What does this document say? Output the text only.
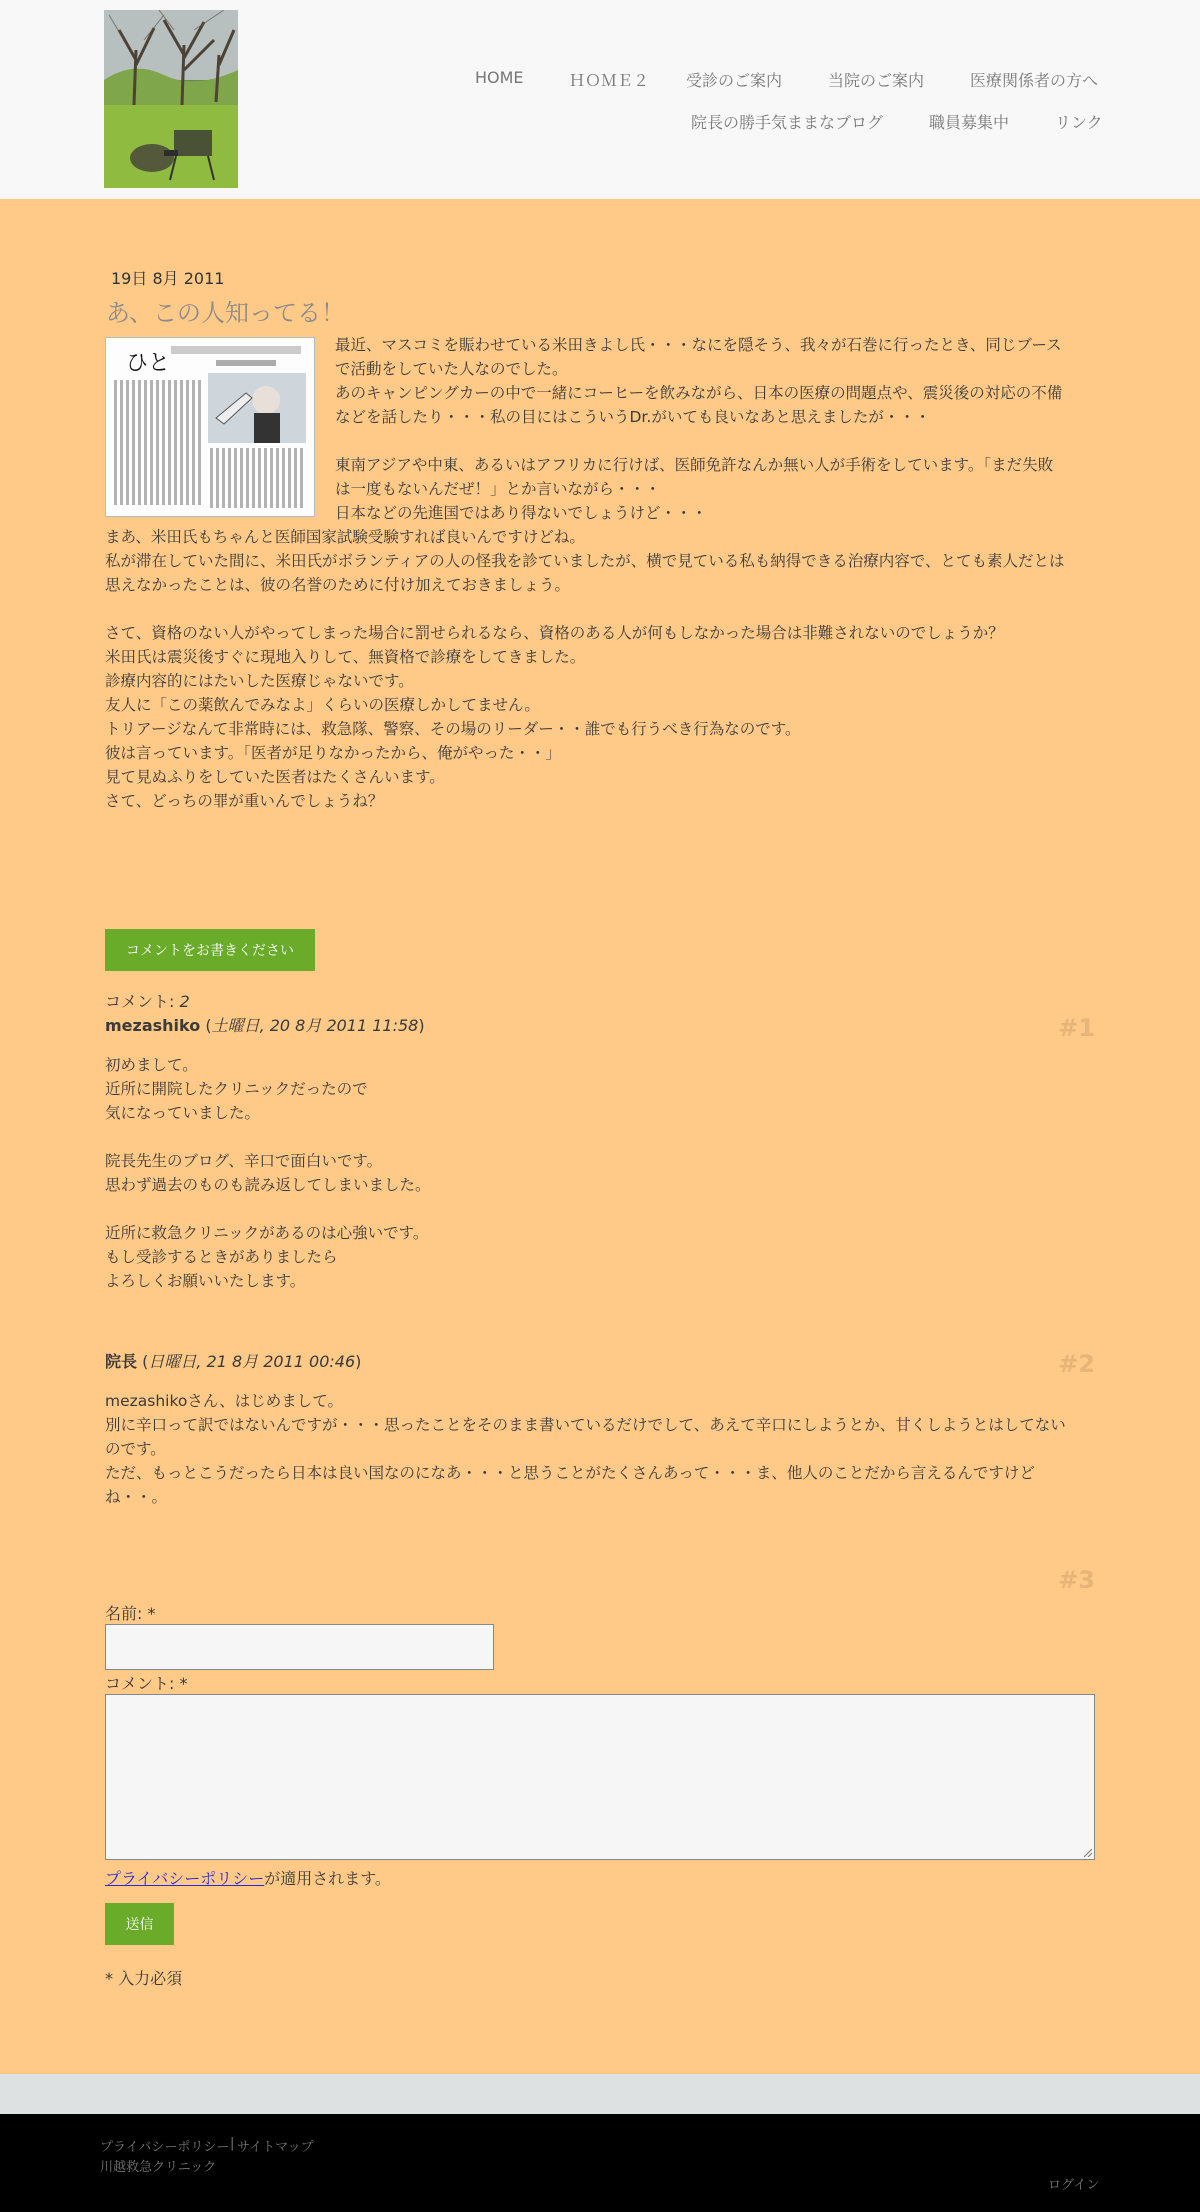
HOME	ＨＯＭＥ２ 受診のご案内	当院のご案内	医療関係者の方へ
院長の勝手気ままなブログ	職員募集中	リンク
19日 8月 2011
あ、この人知ってる！
ひと
最近、マスコミを賑わせている米田きよし氏・・・なにを隠そう、我々が石巻に行ったとき、同じブース
で活動をしていた人なのでした。
あのキャンピングカーの中で一緒にコーヒーを飲みながら、日本の医療の問題点や、震災後の対応の不備
などを話したり・・・私の目にはこういうDr.がいても良いなあと思えましたが・・・
東南アジアや中東、あるいはアフリカに行けば、医師免許なんか無い人が手術をしています。「まだ失敗
は一度もないんだぜ！」とか言いながら・・・
日本などの先進国ではあり得ないでしょうけど・・・
まあ、米田氏もちゃんと医師国家試験受験すれば良いんですけどね。
私が滞在していた間に、米田氏がボランティアの人の怪我を診ていましたが、横で見ている私も納得できる治療内容で、とても素人だとは
思えなかったことは、彼の名誉のために付け加えておきましょう。
さて、資格のない人がやってしまった場合に罰せられるなら、資格のある人が何もしなかった場合は非難されないのでしょうか？
米田氏は震災後すぐに現地入りして、無資格で診療をしてきました。
診療内容的にはたいした医療じゃないです。
友人に「この薬飲んでみなよ」くらいの医療しかしてません。
トリアージなんて非常時には、救急隊、警察、その場のリーダー・・誰でも行うべき行為なのです。
彼は言っています。「医者が足りなかったから、俺がやった・・」
見て見ぬふりをしていた医者はたくさんいます。
さて、どっちの罪が重いんでしょうね？
コメントをお書きください
コメント: 2
mezashiko (土曜日, 20 8月 2011 11:58)	#1
初めまして。
近所に開院したクリニックだったので
気になっていました。
院長先生のブログ、辛口で面白いです。
思わず過去のものも読み返してしまいました。
近所に救急クリニックがあるのは心強いです。
もし受診するときがありましたら
よろしくお願いいたします。
院長 (日曜日, 21 8月 2011 00:46)	#2
mezashikoさん、はじめまして。
別に辛口って訳ではないんですが・・・思ったことをそのまま書いているだけでして、あえて辛口にしようとか、甘くしようとはしてない
のです。
ただ、もっとこうだったら日本は良い国なのになあ・・・と思うことがたくさんあって・・・ま、他人のことだから言えるんですけど
ね・・。
#3
名前: *
コメント: *
プライバシーポリシーが適用されます。
送信
* 入力必須
プライバシーポリシー | サイトマップ
川越救急クリニック
ログイン
